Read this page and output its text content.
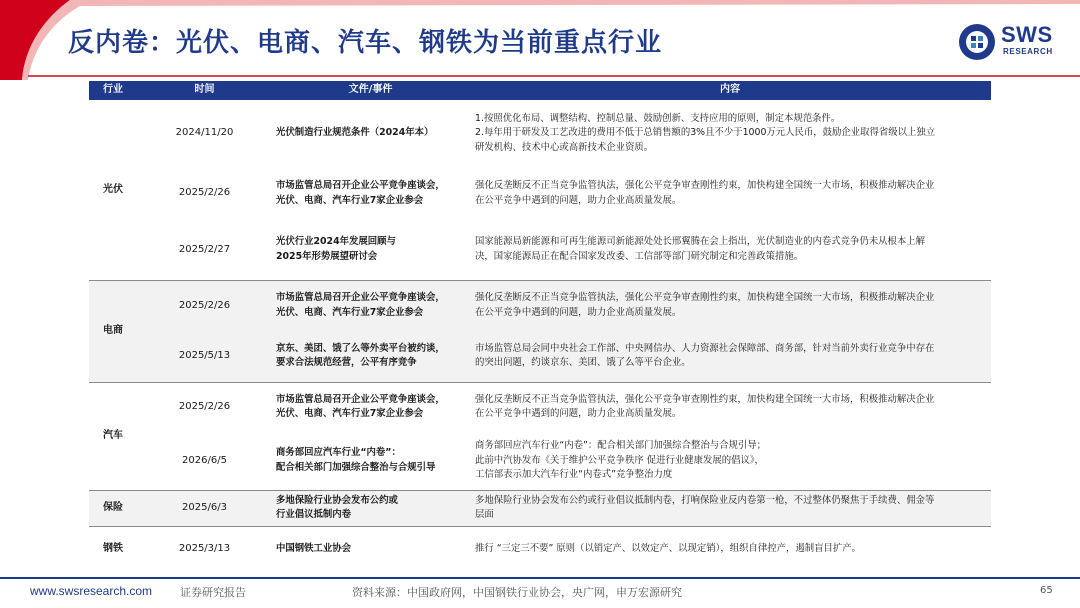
反内卷：光伏、电商、汽车、钢铁为当前重点行业	SWS
RESEARCH
行业	时间	文件/事件	内容
光伏	2024/11/20	光伏制造行业规范条件（2024年本）	1.按照优化布局、调整结构、控制总量、鼓励创新、支持应用的原则，制定本规范条件。
2.每年用于研发及工艺改进的费用不低于总销售额的3%且不少于1000万元人民币，鼓励企业取得省级以上独立
研发机构、技术中心或高新技术企业资质。

	2025/2/26	市场监管总局召开企业公平竞争座谈会，
光伏、电商、汽车行业7家企业参会	强化反垄断反不正当竞争监管执法，强化公平竞争审查刚性约束，加快构建全国统一大市场，积极推动解决企业
在公平竞争中遇到的问题，助力企业高质量发展。

	2025/2/27	光伏行业2024年发展回顾与
2025年形势展望研讨会	国家能源局新能源和可再生能源司新能源处处长邢翼腾在会上指出，光伏制造业的内卷式竞争仍未从根本上解
决，国家能源局正在配合国家发改委、工信部等部门研究制定和完善政策措施。

电商	2025/2/26	市场监管总局召开企业公平竞争座谈会，
光伏、电商、汽车行业7家企业参会	强化反垄断反不正当竞争监管执法，强化公平竞争审查刚性约束，加快构建全国统一大市场，积极推动解决企业
在公平竞争中遇到的问题，助力企业高质量发展。

	2025/5/13	京东、美团、饿了么等外卖平台被约谈，
要求合法规范经营，公平有序竞争	市场监管总局会同中央社会工作部、中央网信办、人力资源社会保障部、商务部，针对当前外卖行业竞争中存在
的突出问题，约谈京东、美团、饿了么等平台企业。

汽车	2025/2/26	市场监管总局召开企业公平竞争座谈会，
光伏、电商、汽车行业7家企业参会	强化反垄断反不正当竞争监管执法，强化公平竞争审查刚性约束，加快构建全国统一大市场，积极推动解决企业
在公平竞争中遇到的问题，助力企业高质量发展。

	2026/6/5	商务部回应汽车行业“内卷”：
配合相关部门加强综合整治与合规引导	商务部回应汽车行业“内卷”：配合相关部门加强综合整治与合规引导；
此前中汽协发布《关于维护公平竞争秩序 促进行业健康发展的倡议》，
工信部表示加大汽车行业“内卷式”竞争整治力度

保险	2025/6/3	多地保险行业协会发布公约或
行业倡议抵制内卷	多地保险行业协会发布公约或行业倡议抵制内卷，打响保险业反内卷第一枪，不过整体仍聚焦于手续费、佣金等
层面

钢铁	2025/3/13	中国钢铁工业协会	推行 “三定三不要” 原则（以销定产、以效定产、以现定销），组织自律控产，遏制盲目扩产。
www.swsresearch.com	证券研究报告	资料来源：中国政府网，中国钢铁行业协会，央广网，申万宏源研究	65
